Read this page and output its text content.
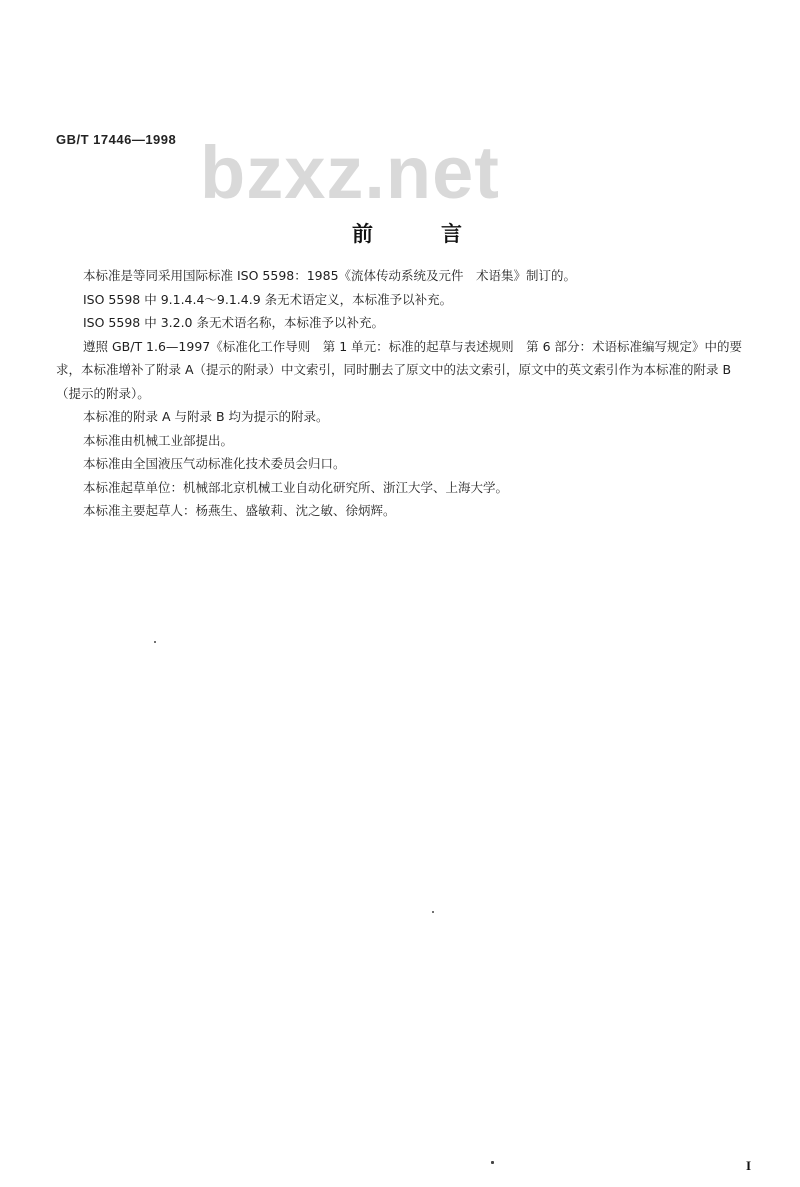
GB/T 17446—1998 bzxz.net
前言

本标准是等同采用国际标准 ISO 5598：1985《流体传动系统及元件　术语集》制订的。

ISO 5598 中 9.1.4.4～9.1.4.9 条无术语定义，本标准予以补充。

ISO 5598 中 3.2.0 条无术语名称，本标准予以补充。

遵照 GB/T 1.6—1997《标准化工作导则　第 1 单元：标准的起草与表述规则　第 6 部分：术语标准编写规定》中的要求，本标准增补了附录 A（提示的附录）中文索引，同时删去了原文中的法文索引，原文中的英文索引作为本标准的附录 B（提示的附录）。

本标准的附录 A 与附录 B 均为提示的附录。

本标准由机械工业部提出。

本标准由全国液压气动标准化技术委员会归口。

本标准起草单位：机械部北京机械工业自动化研究所、浙江大学、上海大学。

本标准主要起草人：杨燕生、盛敏莉、沈之敏、徐炳辉。

I
